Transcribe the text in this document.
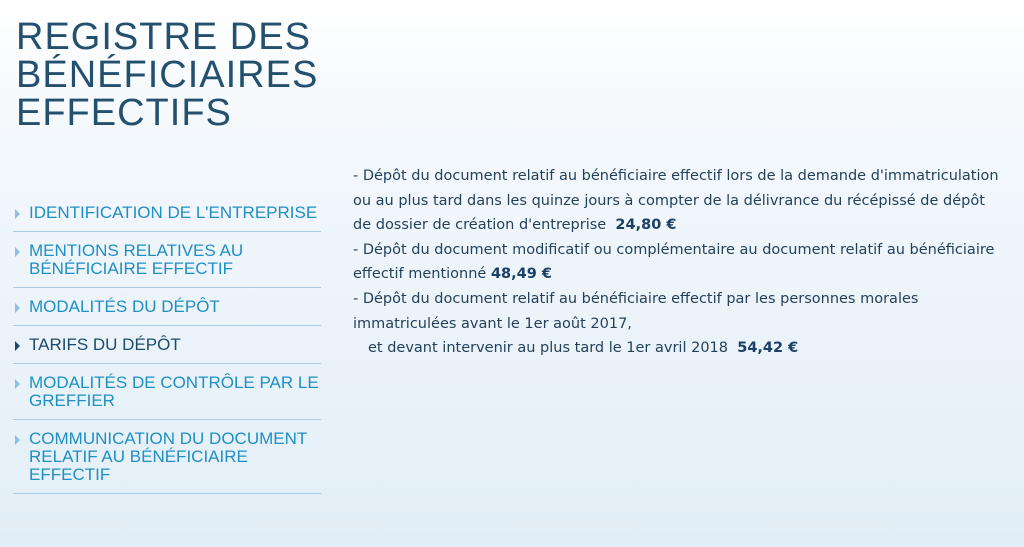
REGISTRE DES
BÉNÉFICIAIRES
EFFECTIFS
IDENTIFICATION DE L'ENTREPRISE
MENTIONS RELATIVES AU BÉNÉFICIAIRE EFFECTIF
MODALITÉS DU DÉPÔT
TARIFS DU DÉPÔT
MODALITÉS DE CONTRÔLE PAR LE GREFFIER
COMMUNICATION DU DOCUMENT RELATIF AU BÉNÉFICIAIRE EFFECTIF

- Dépôt du document relatif au bénéficiaire effectif lors de la demande d'immatriculation ou au plus tard dans les quinze jours à compter de la délivrance du récépissé de dépôt de dossier de création d'entreprise 24,80 €

- Dépôt du document modificatif ou complémentaire au document relatif au bénéficiaire effectif mentionné 48,49 €

- Dépôt du document relatif au bénéficiaire effectif par les personnes morales immatriculées avant le 1er août 2017,

et devant intervenir au plus tard le 1er avril 2018 54,42 €
